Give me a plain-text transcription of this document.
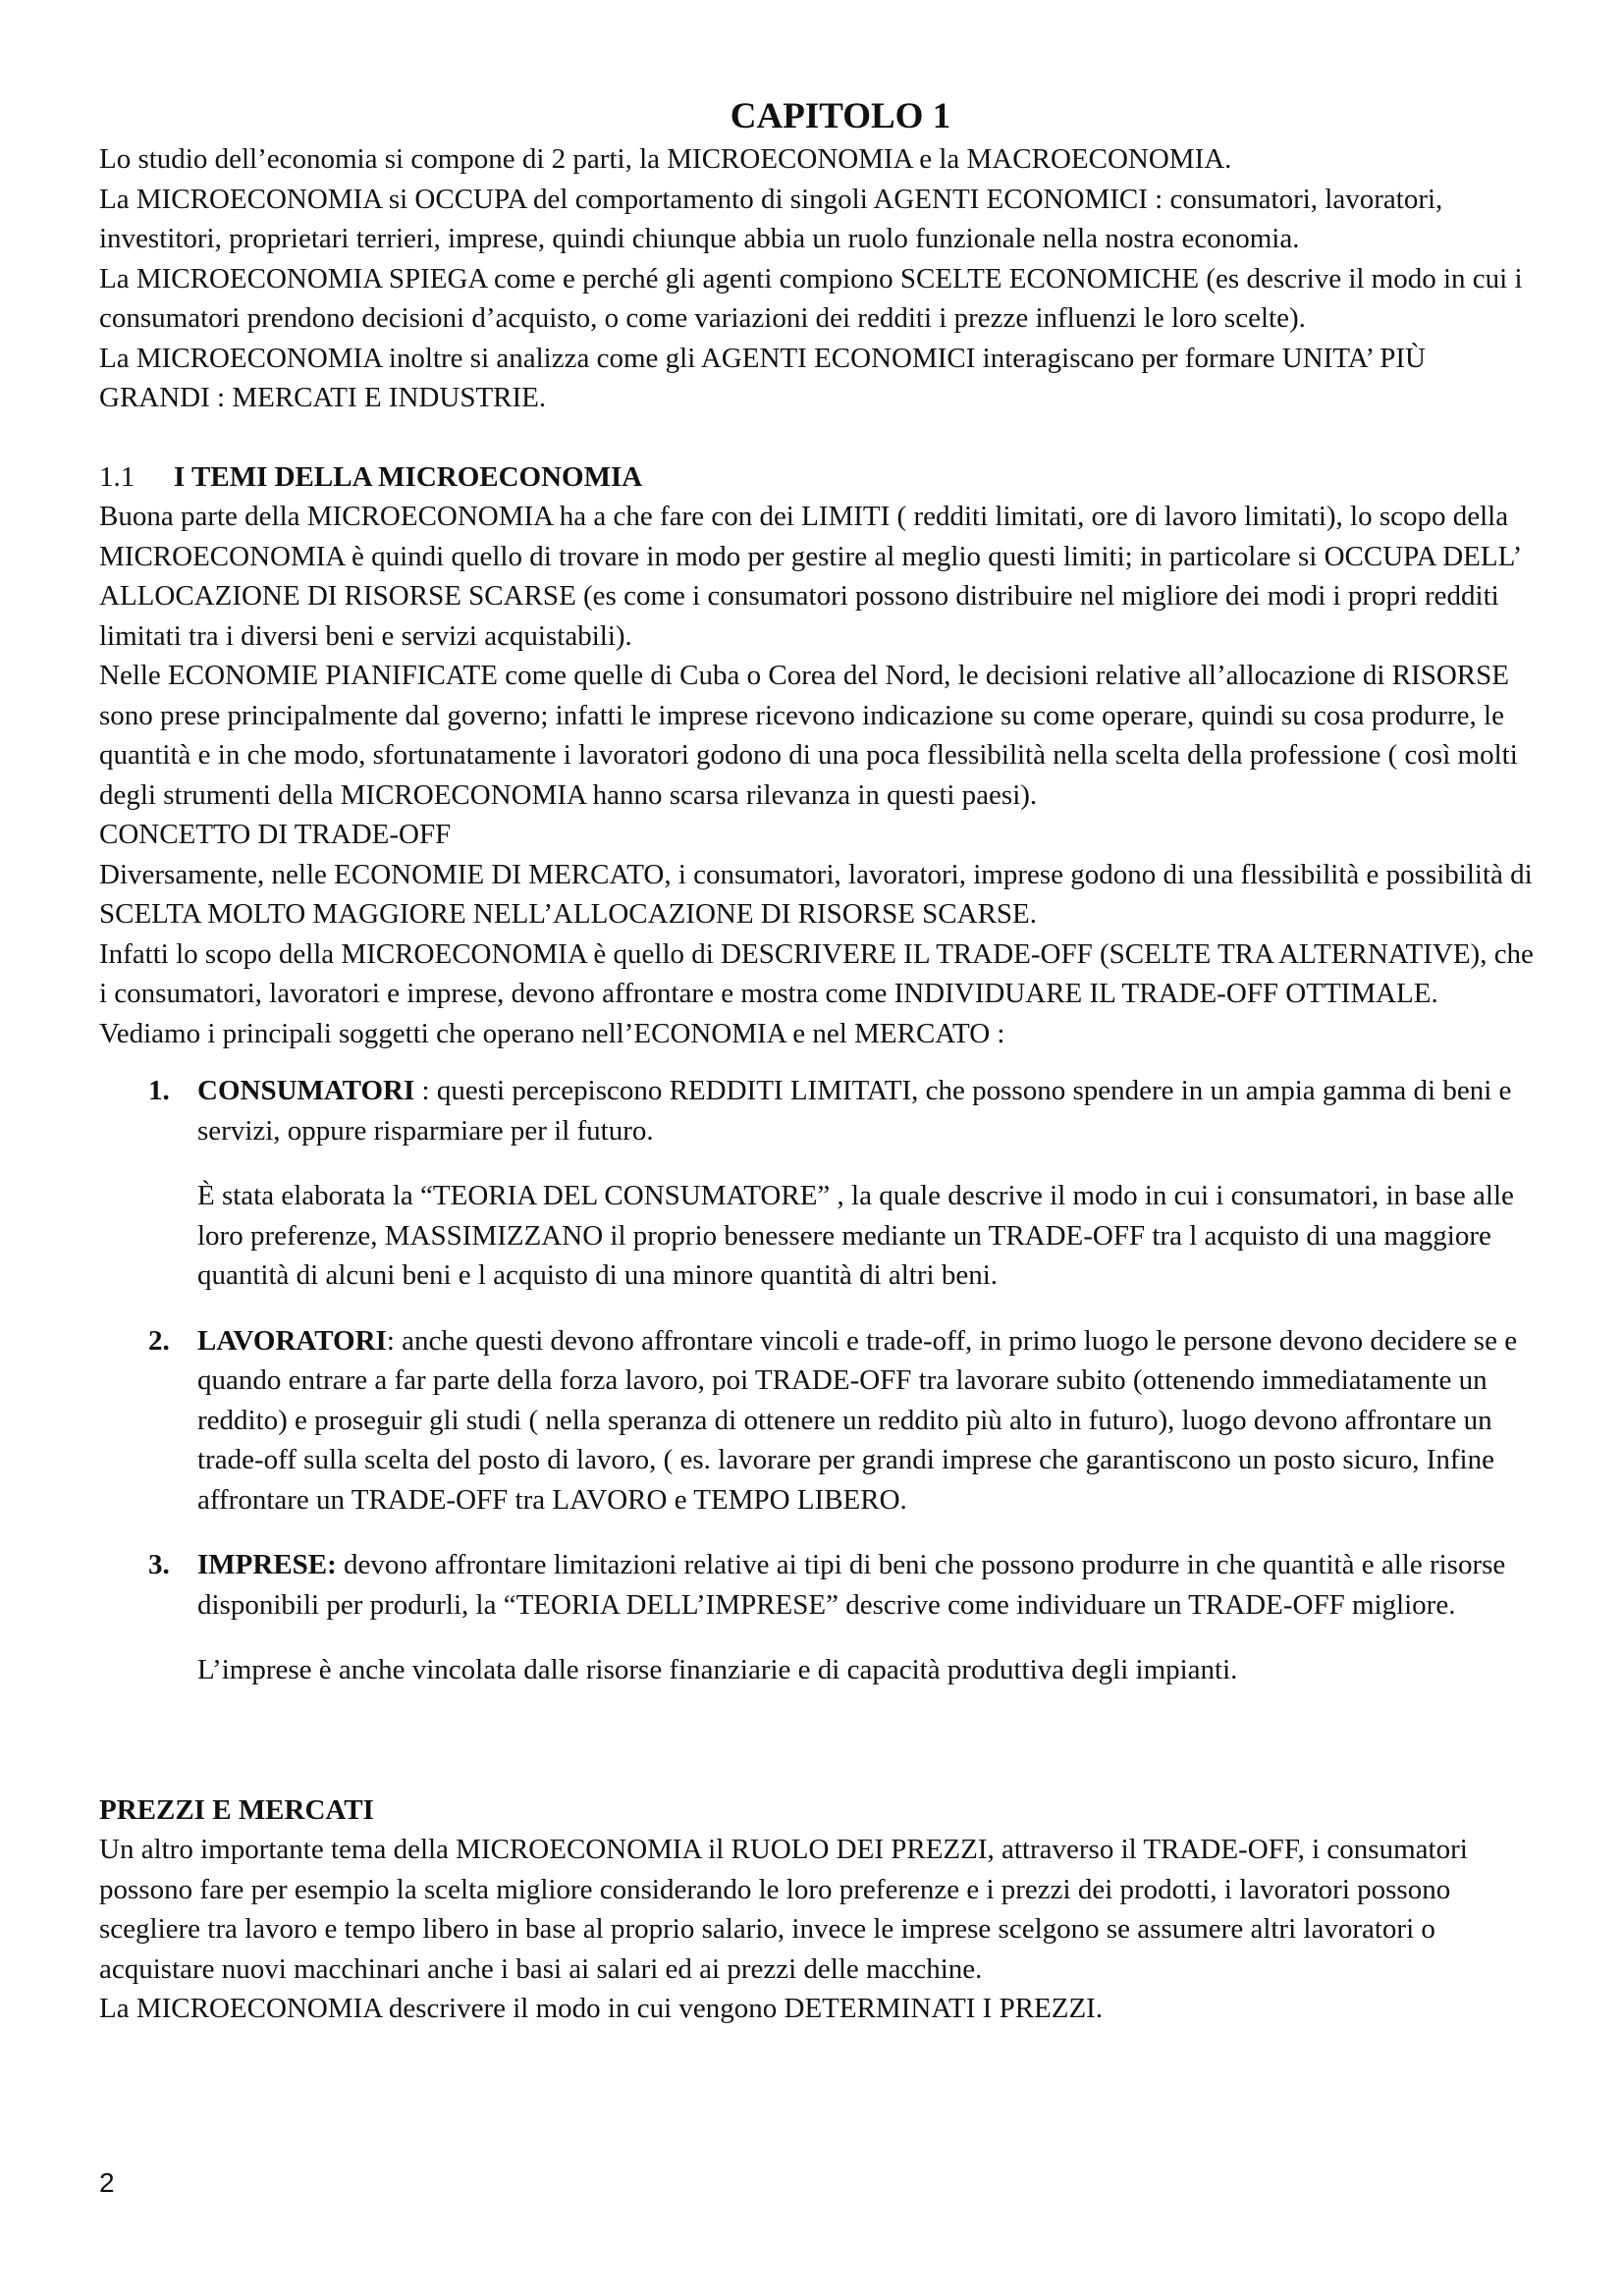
CAPITOLO 1

Lo studio dell’economia si compone di 2 parti, la MICROECONOMIA e la MACROECONOMIA.

La MICROECONOMIA si OCCUPA del comportamento di singoli AGENTI ECONOMICI : consumatori, lavoratori, investitori, proprietari terrieri, imprese, quindi chiunque abbia un ruolo funzionale nella nostra economia.

La MICROECONOMIA SPIEGA come e perché gli agenti compiono SCELTE ECONOMICHE (es descrive il modo in cui i consumatori prendono decisioni d’acquisto, o come variazioni dei redditi i prezze influenzi le loro scelte).

La MICROECONOMIA inoltre si analizza come gli AGENTI ECONOMICI interagiscano per formare UNITA’ PIÙ GRANDI : MERCATI E INDUSTRIE.

1.1 I TEMI DELLA MICROECONOMIA

Buona parte della MICROECONOMIA ha a che fare con dei LIMITI ( redditi limitati, ore di lavoro limitati), lo scopo della MICROECONOMIA è quindi quello di trovare in modo per gestire al meglio questi limiti; in particolare si OCCUPA DELL’ ALLOCAZIONE DI RISORSE SCARSE (es come i consumatori possono distribuire nel migliore dei modi i propri redditi limitati tra i diversi beni e servizi acquistabili).

Nelle ECONOMIE PIANIFICATE come quelle di Cuba o Corea del Nord, le decisioni relative all’allocazione di RISORSE sono prese principalmente dal governo; infatti le imprese ricevono indicazione su come operare, quindi su cosa produrre, le quantità e in che modo, sfortunatamente i lavoratori godono di una poca flessibilità nella scelta della professione ( così molti degli strumenti della MICROECONOMIA hanno scarsa rilevanza in questi paesi).

CONCETTO DI TRADE-OFF

Diversamente, nelle ECONOMIE DI MERCATO, i consumatori, lavoratori, imprese godono di una flessibilità e possibilità di SCELTA MOLTO MAGGIORE NELL’ALLOCAZIONE DI RISORSE SCARSE.

Infatti lo scopo della MICROECONOMIA è quello di DESCRIVERE IL TRADE-OFF (SCELTE TRA ALTERNATIVE), che i consumatori, lavoratori e imprese, devono affrontare e mostra come INDIVIDUARE IL TRADE-OFF OTTIMALE.

Vediamo i principali soggetti che operano nell’ECONOMIA e nel MERCATO :

1. CONSUMATORI : questi percepiscono REDDITI LIMITATI, che possono spendere in un ampia gamma di beni e servizi, oppure risparmiare per il futuro.

È stata elaborata la “TEORIA DEL CONSUMATORE” , la quale descrive il modo in cui i consumatori, in base alle loro preferenze, MASSIMIZZANO il proprio benessere mediante un TRADE-OFF tra l acquisto di una maggiore quantità di alcuni beni e l acquisto di una minore quantità di altri beni.

2. LAVORATORI: anche questi devono affrontare vincoli e trade-off, in primo luogo le persone devono decidere se e quando entrare a far parte della forza lavoro, poi TRADE-OFF tra lavorare subito (ottenendo immediatamente un reddito) e proseguir gli studi ( nella speranza di ottenere un reddito più alto in futuro), luogo devono affrontare un trade-off sulla scelta del posto di lavoro, ( es. lavorare per grandi imprese che garantiscono un posto sicuro, Infine affrontare un TRADE-OFF tra LAVORO e TEMPO LIBERO.

3. IMPRESE: devono affrontare limitazioni relative ai tipi di beni che possono produrre in che quantità e alle risorse disponibili per produrli, la “TEORIA DELL’IMPRESE” descrive come individuare un TRADE-OFF migliore.

L’imprese è anche vincolata dalle risorse finanziarie e di capacità produttiva degli impianti.

PREZZI E MERCATI

Un altro importante tema della MICROECONOMIA il RUOLO DEI PREZZI, attraverso il TRADE-OFF, i consumatori possono fare per esempio la scelta migliore considerando le loro preferenze e i prezzi dei prodotti, i lavoratori possono scegliere tra lavoro e tempo libero in base al proprio salario, invece le imprese scelgono se assumere altri lavoratori o acquistare nuovi macchinari anche i basi ai salari ed ai prezzi delle macchine.

La MICROECONOMIA descrivere il modo in cui vengono DETERMINATI I PREZZI.

2
